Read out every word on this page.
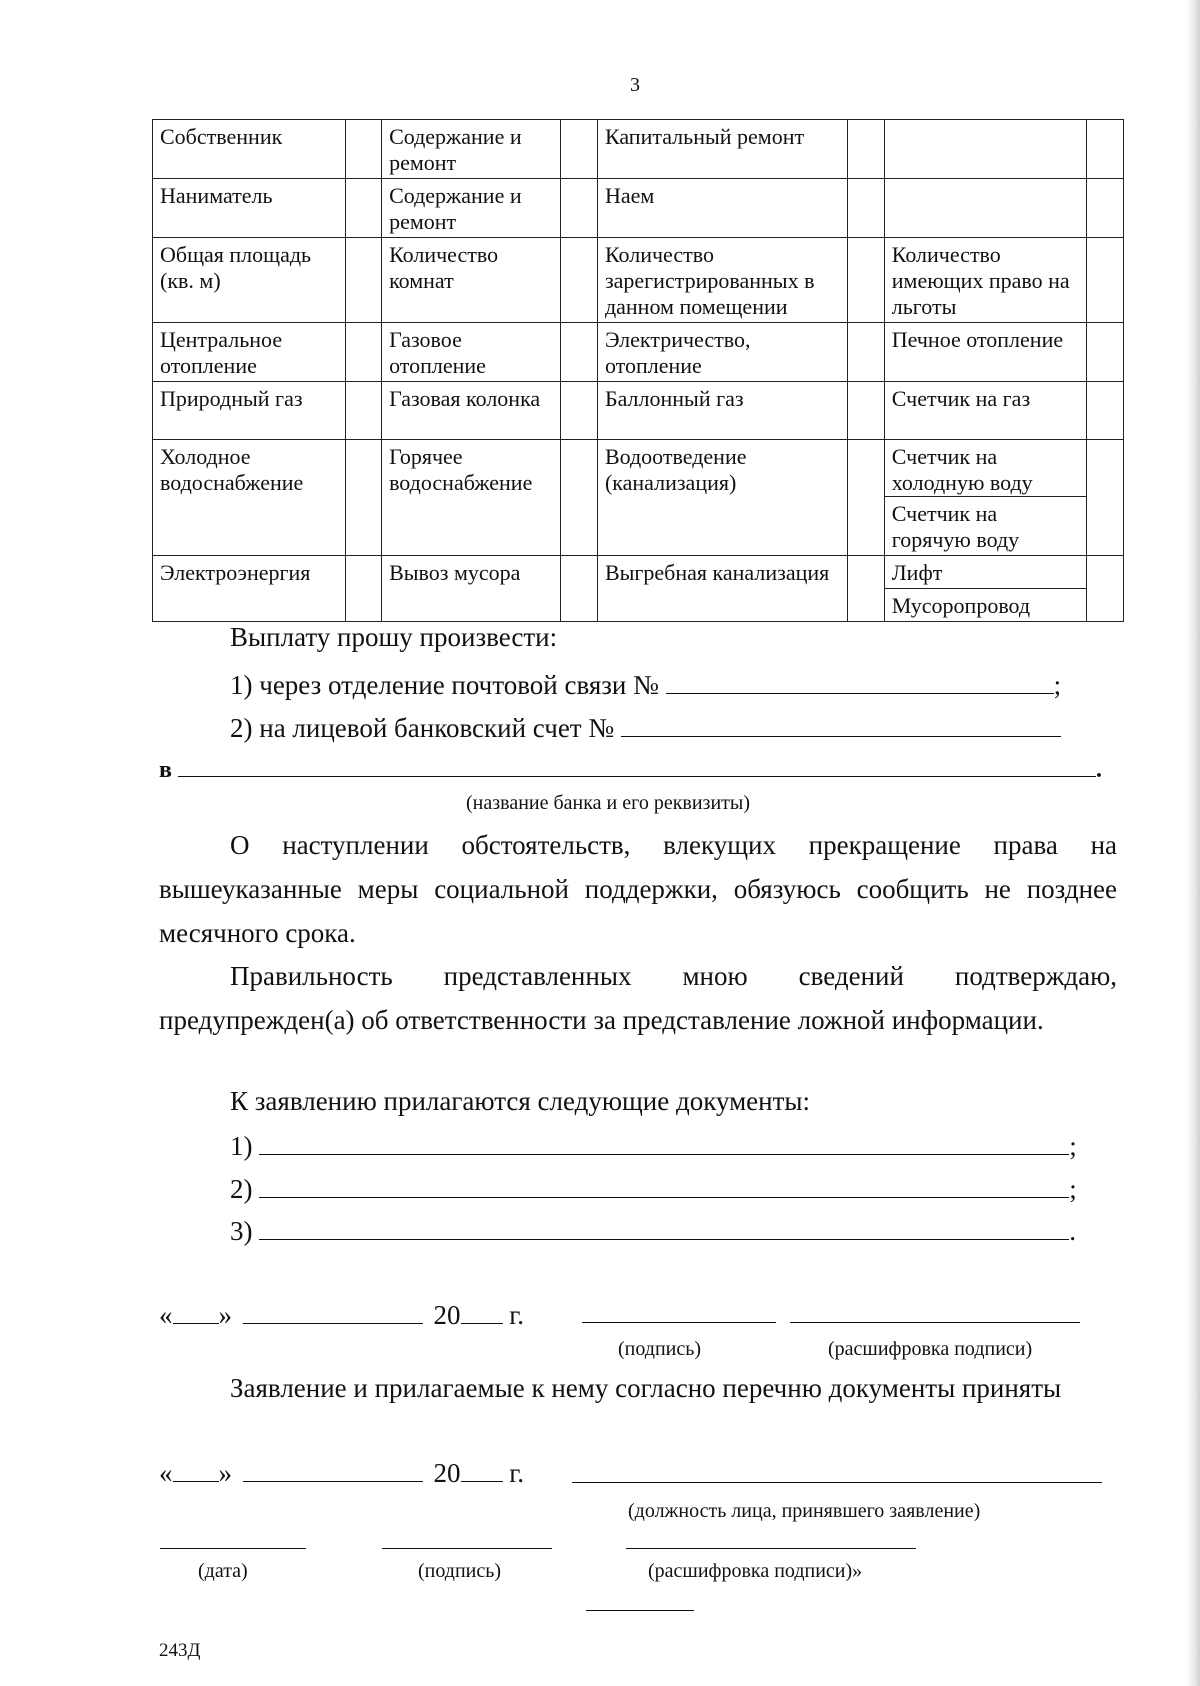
3
Собственник		Содержание и ремонт		Капитальный ремонт			
Наниматель		Содержание и ремонт		Наем			
Общая площадь (кв. м)		Количество комнат		Количество зарегистрированных в данном помещении		Количество имеющих право на льготы	
Центральное отопление		Газовое отопление		Электричество, отопление		Печное отопление	
Природный газ		Газовая колонка		Баллонный газ		Счетчик на газ	
Холодное водоснабжение		Горячее водоснабжение		Водоотведение (канализация)		Счетчик на холодную воду
Счетчик на горячую воду	

Электроэнергия		Вывоз мусора		Выгребная канализация		Лифт
Мусоропровод	

Выплату прошу произвести:
1) через отделение почтовой связи №	;
2) на лицевой банковский счет №
в	.
(название банка и его реквизиты)

О наступлении обстоятельств, влекущих прекращение права на вышеуказанные меры социальной поддержки, обязуюсь сообщить не позднее месячного срока.

Правильность представленных мною сведений подтверждаю, предупрежден(а) об ответственности за представление ложной информации.

К заявлению прилагаются следующие документы:
1)	;
2)	;
3)	.
« »	20 г.
(подпись)	(расшифровка подписи)

Заявление и прилагаемые к нему согласно перечню документы приняты

« »	20 г.
(должность лица, принявшего заявление)
(дата)	(подпись)	(расшифровка подписи)»
243Д
